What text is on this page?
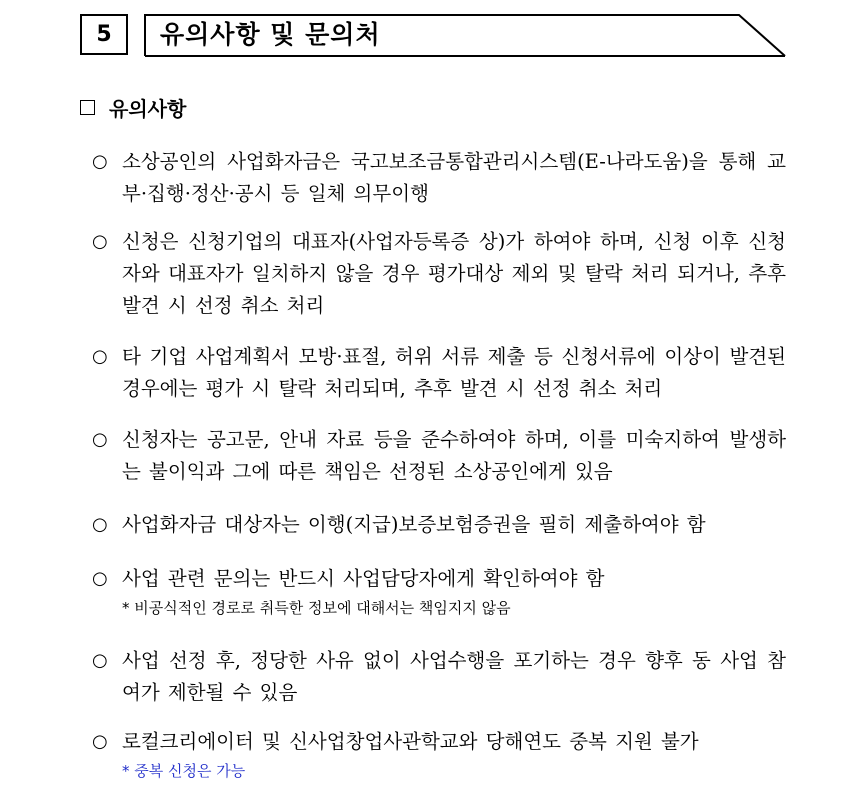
5 유의사항 및 문의처
유의사항
○ 소상공인의 사업화자금은 국고보조금통합관리시스템(E-나라도움)을 통해 교부·집행·정산·공시 등 일체 의무이행
○ 신청은 신청기업의 대표자(사업자등록증 상)가 하여야 하며, 신청 이후 신청자와 대표자가 일치하지 않을 경우 평가대상 제외 및 탈락 처리 되거나, 추후 발견 시 선정 취소 처리
○ 타 기업 사업계획서 모방·표절, 허위 서류 제출 등 신청서류에 이상이 발견된 경우에는 평가 시 탈락 처리되며, 추후 발견 시 선정 취소 처리
○ 신청자는 공고문, 안내 자료 등을 준수하여야 하며, 이를 미숙지하여 발생하는 불이익과 그에 따른 책임은 선정된 소상공인에게 있음
○ 사업화자금 대상자는 이행(지급)보증보험증권을 필히 제출하여야 함
○ 사업 관련 문의는 반드시 사업담당자에게 확인하여야 함
* 비공식적인 경로로 취득한 정보에 대해서는 책임지지 않음
○ 사업 선정 후, 정당한 사유 없이 사업수행을 포기하는 경우 향후 동 사업 참여가 제한될 수 있음
○ 로컬크리에이터 및 신사업창업사관학교와 당해연도 중복 지원 불가
* 중복 신청은 가능
